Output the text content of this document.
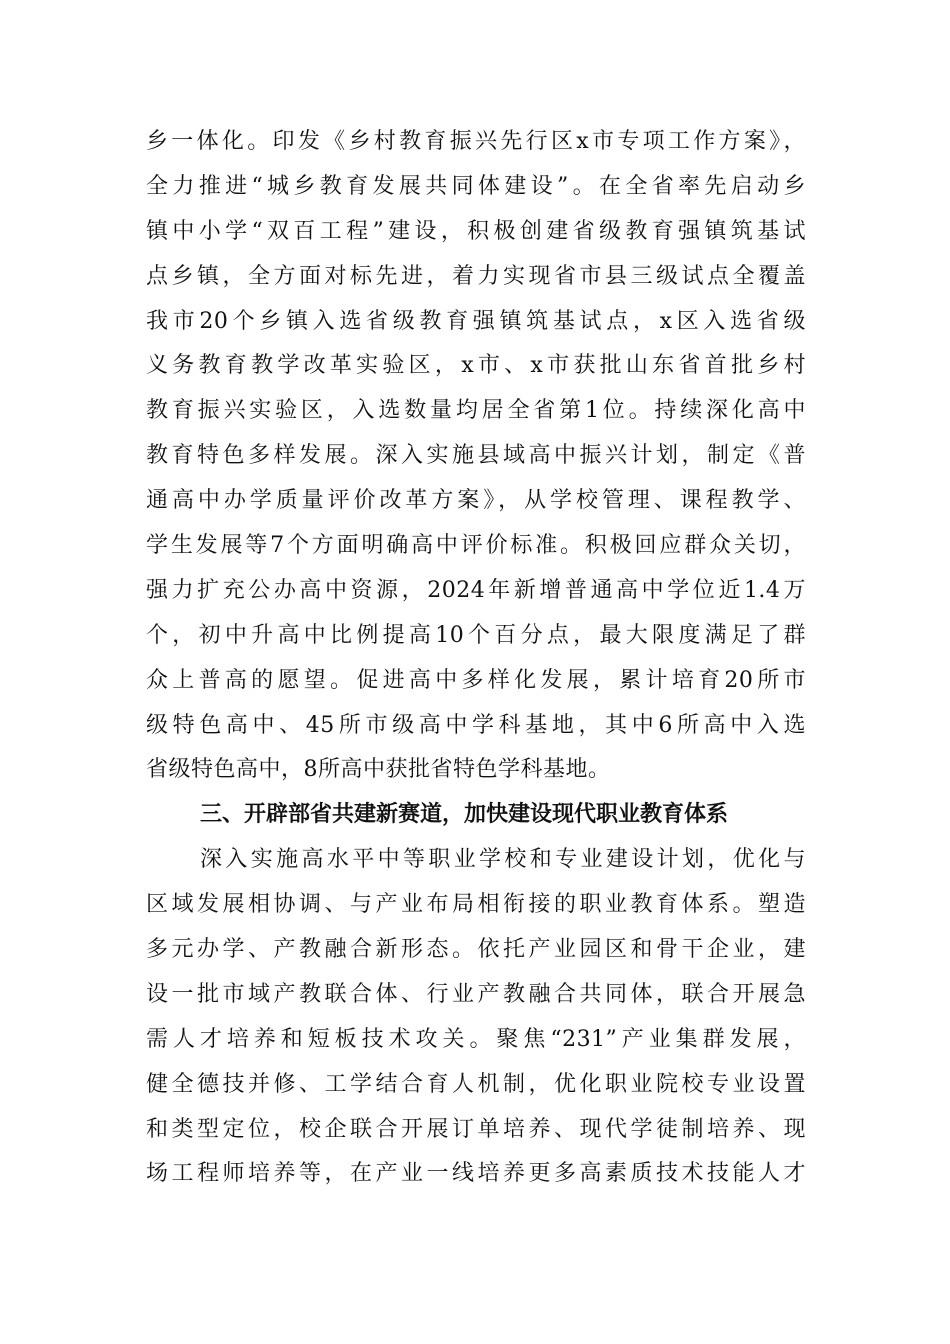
乡一体化。印发《乡村教育振兴先行区x市专项工作方案》，
全力推进“城乡教育发展共同体建设”。在全省率先启动乡
镇中小学“双百工程”建设，积极创建省级教育强镇筑基试
点乡镇，全方面对标先进，着力实现省市县三级试点全覆盖
我市20个乡镇入选省级教育强镇筑基试点，x区入选省级
义务教育教学改革实验区，x市、x市获批山东省首批乡村
教育振兴实验区，入选数量均居全省第1位。持续深化高中
教育特色多样发展。深入实施县域高中振兴计划，制定《普
通高中办学质量评价改革方案》，从学校管理、课程教学、
学生发展等7个方面明确高中评价标准。积极回应群众关切，
强力扩充公办高中资源，2024年新增普通高中学位近1.4万
个，初中升高中比例提高10个百分点，最大限度满足了群
众上普高的愿望。促进高中多样化发展，累计培育20所市
级特色高中、45所市级高中学科基地，其中6所高中入选
省级特色高中，8所高中获批省特色学科基地。
三、开辟部省共建新赛道，加快建设现代职业教育体系
深入实施高水平中等职业学校和专业建设计划，优化与
区域发展相协调、与产业布局相衔接的职业教育体系。塑造
多元办学、产教融合新形态。依托产业园区和骨干企业，建
设一批市域产教联合体、行业产教融合共同体，联合开展急
需人才培养和短板技术攻关。聚焦“231”产业集群发展，
健全德技并修、工学结合育人机制，优化职业院校专业设置
和类型定位，校企联合开展订单培养、现代学徒制培养、现
场工程师培养等，在产业一线培养更多高素质技术技能人才
